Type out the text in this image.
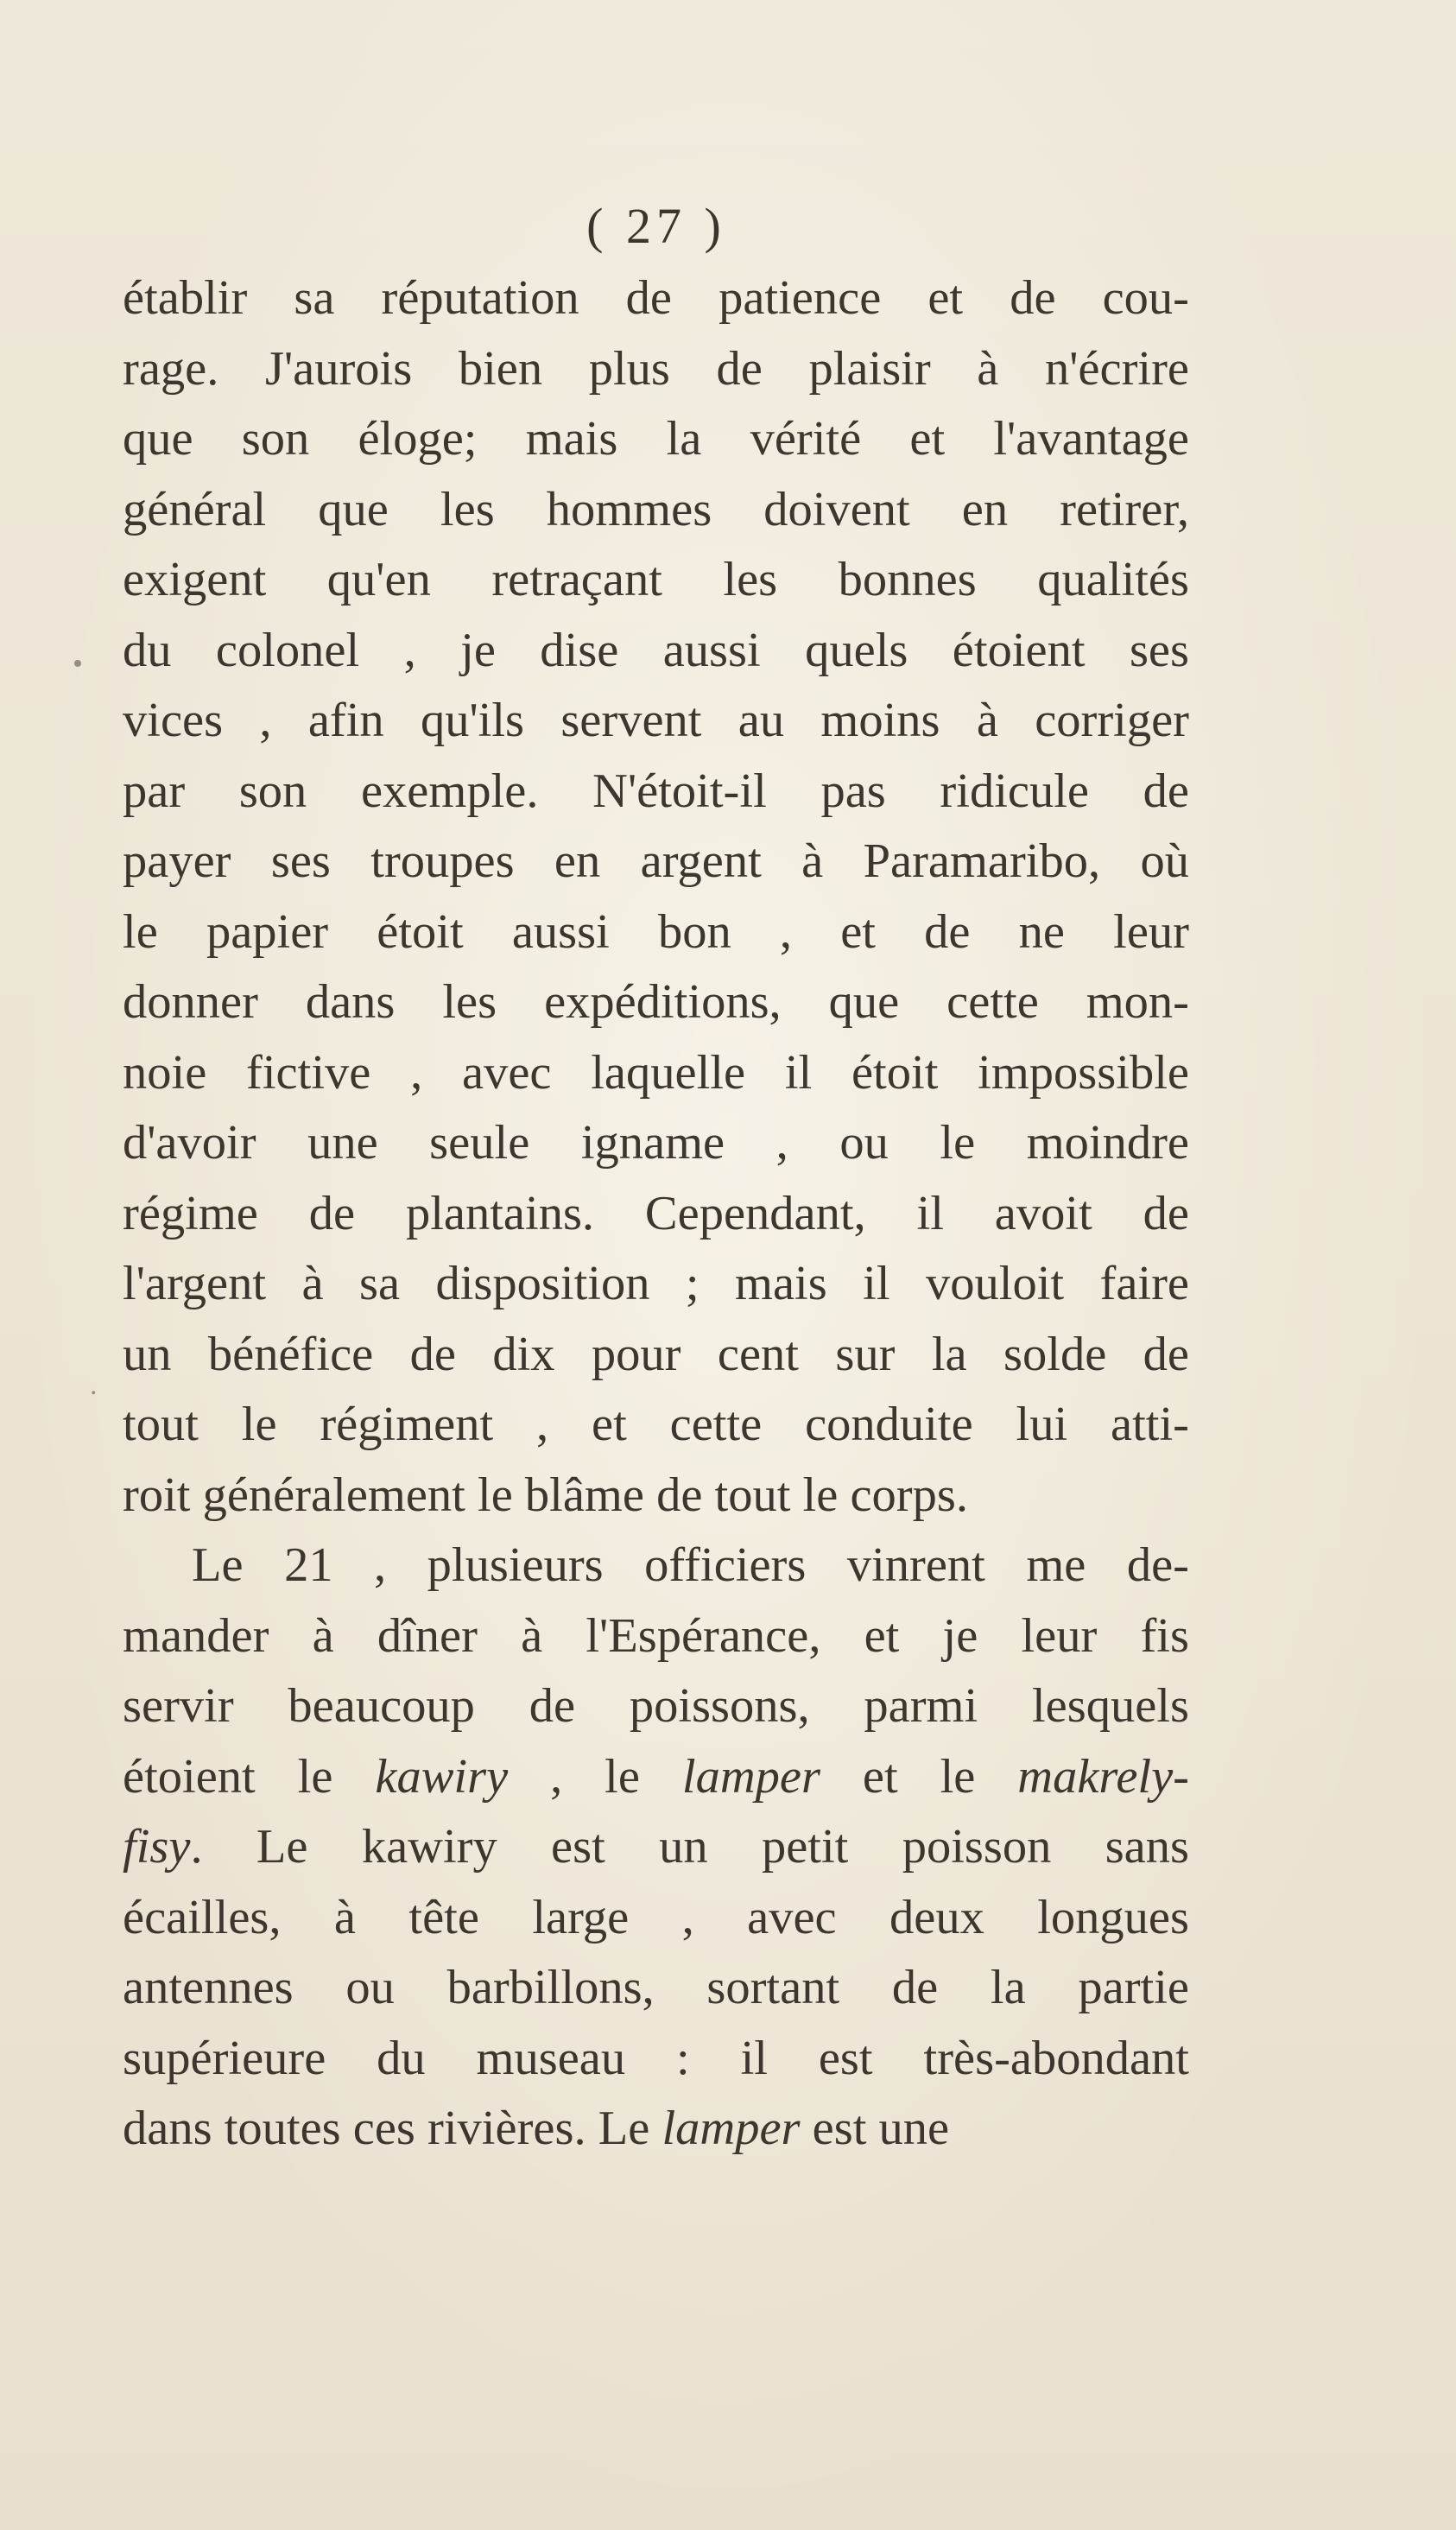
( 27 )
•
.
établir sa réputation de patience et de cou-
rage. J'aurois bien plus de plaisir à n'écrire
que son éloge; mais la vérité et l'avantage
général que les hommes doivent en retirer,
exigent qu'en retraçant les bonnes qualités
du colonel , je dise aussi quels étoient ses
vices , afin qu'ils servent au moins à corriger
par son exemple. N'étoit-il pas ridicule de
payer ses troupes en argent à Paramaribo, où
le papier étoit aussi bon , et de ne leur
donner dans les expéditions, que cette mon-
noie fictive , avec laquelle il étoit impossible
d'avoir une seule igname , ou le moindre
régime de plantains. Cependant, il avoit de
l'argent à sa disposition ; mais il vouloit faire
un bénéfice de dix pour cent sur la solde de
tout le régiment , et cette conduite lui atti-
roit généralement le blâme de tout le corps.
Le 21 , plusieurs officiers vinrent me de-
mander à dîner à l'Espérance, et je leur fis
servir beaucoup de poissons, parmi lesquels
étoient le kawiry , le lamper et le makrely-
fisy. Le kawiry est un petit poisson sans
écailles, à tête large , avec deux longues
antennes ou barbillons, sortant de la partie
supérieure du museau : il est très-abondant
dans toutes ces rivières. Le lamper est une
